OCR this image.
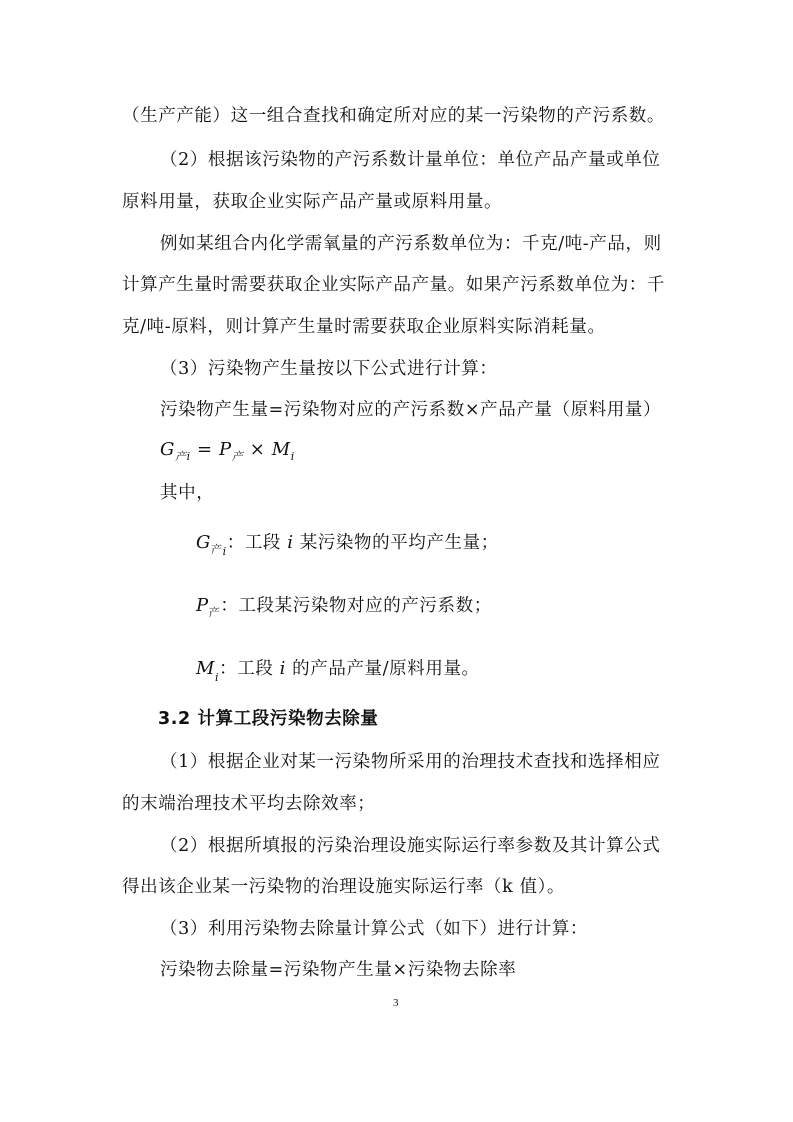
（生产产能）这一组合查找和确定所对应的某一污染物的产污系数。
（2）根据该污染物的产污系数计量单位：单位产品产量或单位
原料用量，获取企业实际产品产量或原料用量。
例如某组合内化学需氧量的产污系数单位为：千克/吨-产品，则
计算产生量时需要获取企业实际产品产量。如果产污系数单位为：千
克/吨-原料，则计算产生量时需要获取企业原料实际消耗量。
（3）污染物产生量按以下公式进行计算：
污染物产生量=污染物对应的产污系数×产品产量（原料用量）
$G_{产i} = P_产 \times M_i$
其中，
$G_{产i}$：工段 i 某污染物的平均产生量；
$P_产$：工段某污染物对应的产污系数；
$M_i$：工段 i 的产品产量/原料用量。
3.2 计算工段污染物去除量
（1）根据企业对某一污染物所采用的治理技术查找和选择相应
的末端治理技术平均去除效率；
（2）根据所填报的污染治理设施实际运行率参数及其计算公式
得出该企业某一污染物的治理设施实际运行率（k 值）。
（3）利用污染物去除量计算公式（如下）进行计算：
污染物去除量=污染物产生量×污染物去除率
3
